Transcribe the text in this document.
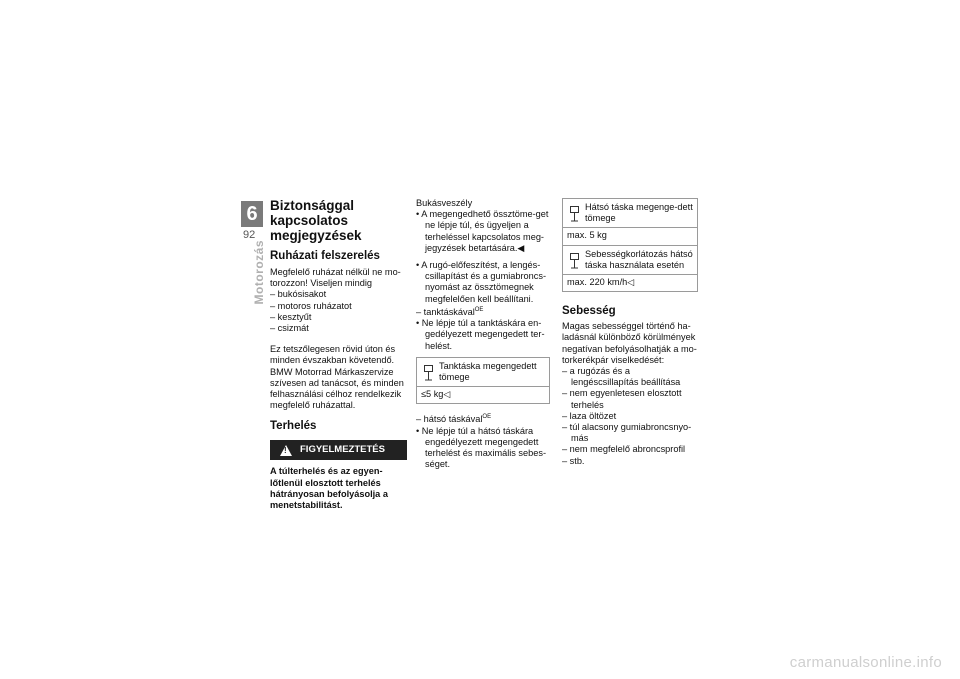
6
92
Motorozás

Biztonsággal kapcsolatos megjegyzések

Ruházati felszerelés

Megfelelő ruházat nélkül ne mo-torozzon! Viseljen mindig

– bukósisakot

– motoros ruházatot

– kesztyűt

– csizmát

Ez tetszőlegesen rövid úton és minden évszakban követendő. BMW Motorrad Márkaszervize szívesen ad tanácsot, és minden felhasználási célhoz rendelkezik megfelelő ruházattal.

Terhelés

!
FIGYELMEZTETÉS

A túlterhelés és az egyen-lőtlenül elosztott terhelés hátrányosan befolyásolja a menetstabilitást.

Bukásveszély

• A megengedhető össztöme-get ne lépje túl, és ügyeljen a terheléssel kapcsolatos meg-jegyzések betartására.◀

• A rugó-előfeszítést, a lengés-csillapítást és a gumiabroncs-nyomást az össztömegnek megfelelően kell beállítani.

– tanktáskával$^{OE}$

• Ne lépje túl a tanktáskára en-gedélyezett megengedett ter-helést.

Tanktáska megengedett tömege
≤5 kg◁

– hátsó táskával$^{OE}$

• Ne lépje túl a hátsó táskára engedélyezett megengedett terhelést és maximális sebes-séget.

Hátsó táska megenge-dett tömege
max. 5 kg
Sebességkorlátozás hátsó táska használata esetén
max. 220 km/h◁

Sebesség

Magas sebességgel történő ha-ladásnál különböző körülmények negatívan befolyásolhatják a mo-torkerékpár viselkedését:

– a rugózás és a lengéscsillapítás beállítása

– nem egyenletesen elosztott terhelés

– laza öltözet

– túl alacsony gumiabroncsnyo-más

– nem megfelelő abroncsprofil

– stb.

carmanualsonline.info
